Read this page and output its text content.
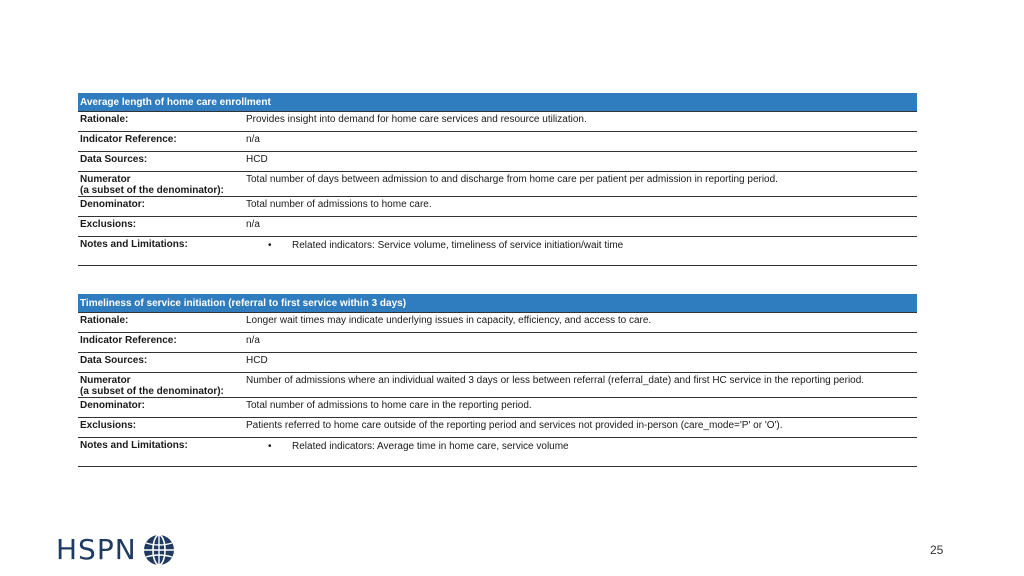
Average length of home care enrollment	
Rationale:	Provides insight into demand for home care services and resource utilization.
Indicator Reference:	n/a
Data Sources:	HCD

Numerator
(a subset of the denominator):	Total number of days between admission to and discharge from home care per patient per admission in reporting period.
Denominator:	Total number of admissions to home care.
Exclusions:	n/a
Notes and Limitations:	• Related indicators: Service volume, timeliness of service initiation/wait time
Timeliness of service initiation (referral to first service within 3 days)	
Rationale:	Longer wait times may indicate underlying issues in capacity, efficiency, and access to care.
Indicator Reference:	n/a
Data Sources:	HCD

Numerator
(a subset of the denominator):	Number of admissions where an individual waited 3 days or less between referral (referral_date) and first HC service in the reporting period.
Denominator:	Total number of admissions to home care in the reporting period.
Exclusions:	Patients referred to home care outside of the reporting period and services not provided in-person (care_mode='P' or 'O').
Notes and Limitations:	• Related indicators: Average time in home care, service volume
HSPN	25
